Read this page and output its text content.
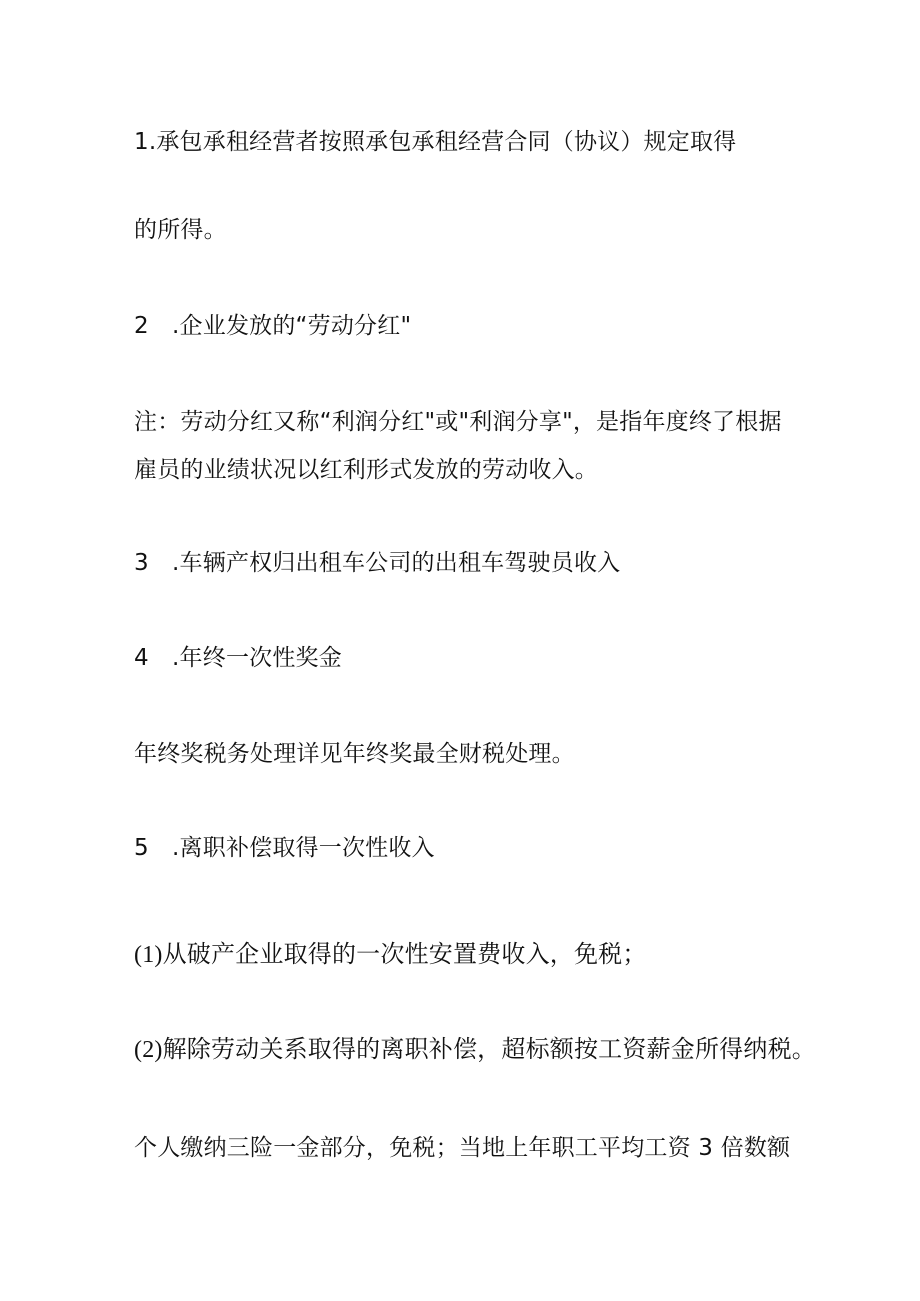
1.承包承租经营者按照承包承租经营合同（协议）规定取得

的所得。

2　.企业发放的“劳动分红"

注：劳动分红又称“利润分红"或"利润分享"，是指年度终了根据

雇员的业绩状况以红利形式发放的劳动收入。

3　.车辆产权归出租车公司的出租车驾驶员收入

4　.年终一次性奖金

年终奖税务处理详见年终奖最全财税处理。

5　.离职补偿取得一次性收入

(1)从破产企业取得的一次性安置费收入，免税；

(2)解除劳动关系取得的离职补偿，超标额按工资薪金所得纳税。

个人缴纳三险一金部分，免税；当地上年职工平均工资 3 倍数额
